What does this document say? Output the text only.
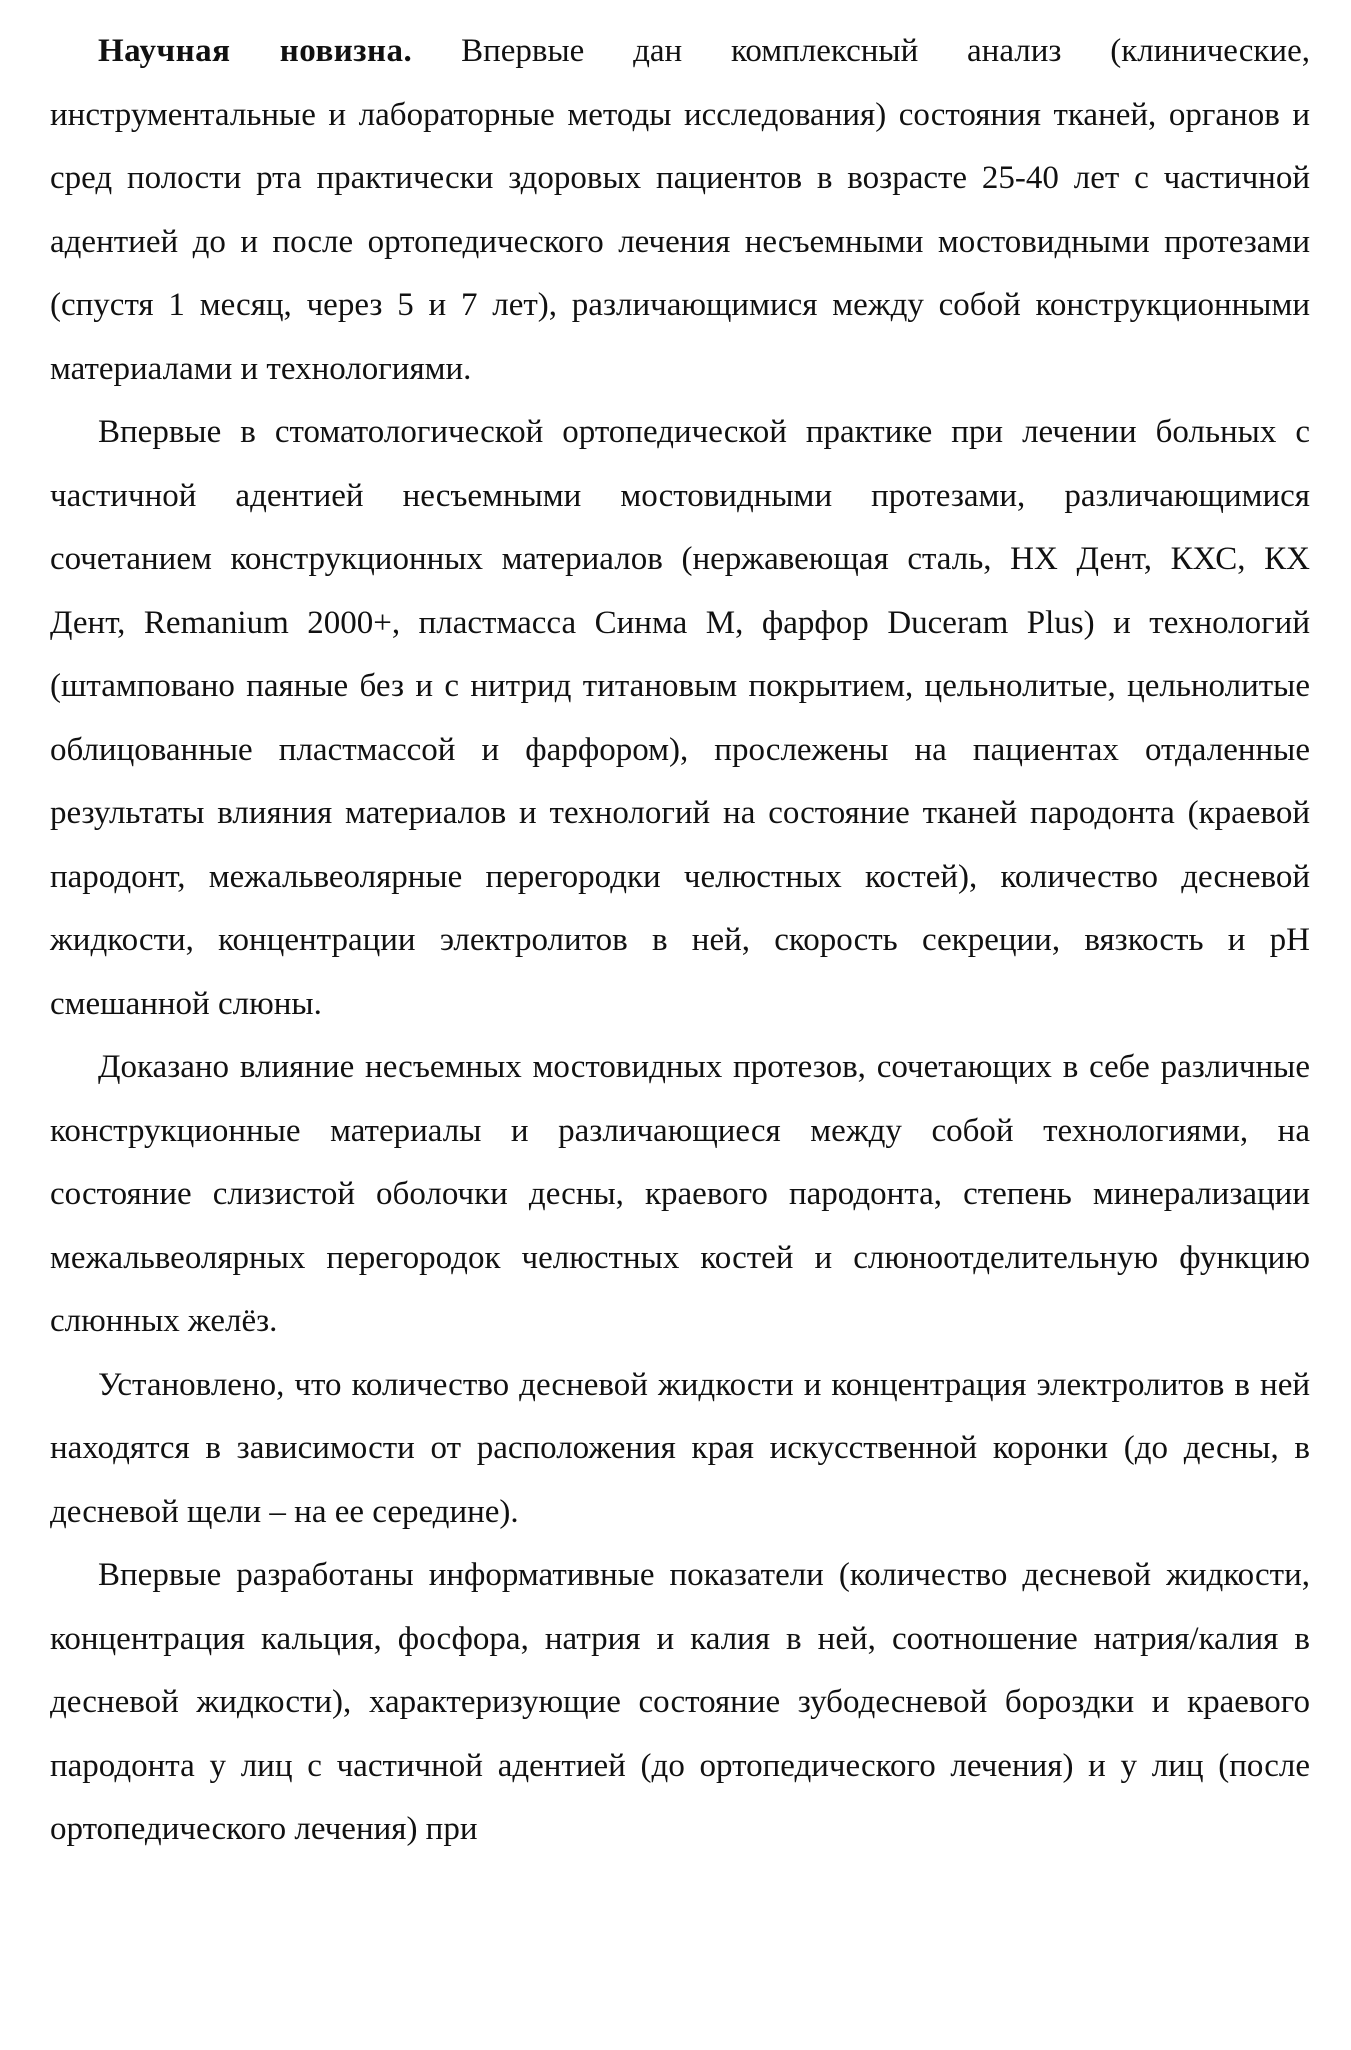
Научная новизна. Впервые дан комплексный анализ (клинические, инструментальные и лабораторные методы исследования) состояния тканей, органов и сред полости рта практически здоровых пациентов в возрасте 25-40 лет с частичной адентией до и после ортопедического лечения несъемными мостовидными протезами (спустя 1 месяц, через 5 и 7 лет), различающимися между собой конструкционными материалами и технологиями.

Впервые в стоматологической ортопедической практике при лечении больных с частичной адентией несъемными мостовидными протезами, различающимися сочетанием конструкционных материалов (нержавеющая сталь, НХ Дент, КХС, КХ Дент, Remanium 2000+, пластмасса Синма М, фарфор Duceram Plus) и технологий (штамповано паяные без и с нитрид титановым покрытием, цельнолитые, цельнолитые облицованные пластмассой и фарфором), прослежены на пациентах отдаленные результаты влияния материалов и технологий на состояние тканей пародонта (краевой пародонт, межальвеолярные перегородки челюстных костей), количество десневой жидкости, концентрации электролитов в ней, скорость секреции, вязкость и pH смешанной слюны.

Доказано влияние несъемных мостовидных протезов, сочетающих в себе различные конструкционные материалы и различающиеся между собой технологиями, на состояние слизистой оболочки десны, краевого пародонта, степень минерализации межальвеолярных перегородок челюстных костей и слюноотделительную функцию слюнных желёз.

Установлено, что количество десневой жидкости и концентрация электролитов в ней находятся в зависимости от расположения края искусственной коронки (до десны, в десневой щели – на ее середине).

Впервые разработаны информативные показатели (количество десневой жидкости, концентрация кальция, фосфора, натрия и калия в ней, соотношение натрия/калия в десневой жидкости), характеризующие состояние зубодесневой бороздки и краевого пародонта у лиц с частичной адентией (до ортопедического лечения) и у лиц (после ортопедического лечения) при
